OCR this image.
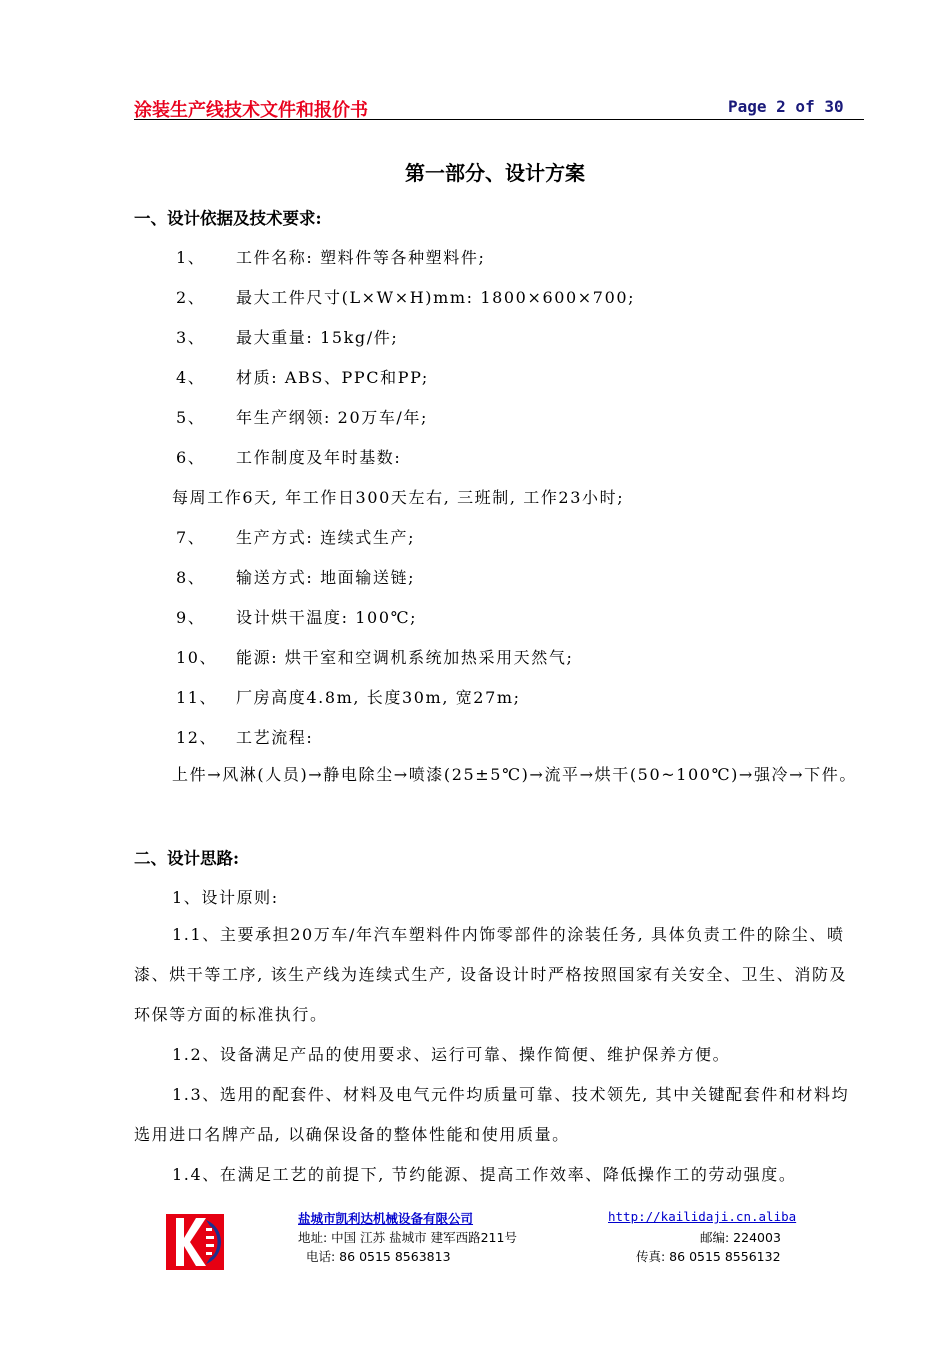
涂装生产线技术文件和报价书	Page 2 of 30
第一部分、设计方案
一、设计依据及技术要求:
1、 工件名称: 塑料件等各种塑料件;
2、 最大工件尺寸(L×W×H)mm: 1800×600×700;
3、 最大重量: 15kg/件;
4、 材质: ABS、PPC和PP;
5、 年生产纲领: 20万车/年;
6、 工作制度及年时基数:
每周工作6天, 年工作日300天左右, 三班制, 工作23小时;
7、 生产方式: 连续式生产;
8、 输送方式: 地面输送链;
9、 设计烘干温度: 100℃;
10、 能源: 烘干室和空调机系统加热采用天然气;
11、 厂房高度4.8m, 长度30m, 宽27m;
12、 工艺流程:
上件→风淋(人员)→静电除尘→喷漆(25±5℃)→流平→烘干(50~100℃)→强冷→下件。
二、设计思路:
1、设计原则:
1.1、主要承担20万车/年汽车塑料件内饰零部件的涂装任务, 具体负责工件的除尘、喷漆、烘干等工序, 该生产线为连续式生产, 设备设计时严格按照国家有关安全、卫生、消防及环保等方面的标准执行。
1.2、设备满足产品的使用要求、运行可靠、操作简便、维护保养方便。
1.3、选用的配套件、材料及电气元件均质量可靠、技术领先, 其中关键配套件和材料均选用进口名牌产品, 以确保设备的整体性能和使用质量。
1.4、在满足工艺的前提下, 节约能源、提高工作效率、降低操作工的劳动强度。
盐城市凯利达机械设备有限公司	http://kailidaji.cn.aliba
地址: 中国 江苏 盐城市 建军西路211号	邮编: 224003
电话: 86 0515 8563813	传真: 86 0515 8556132
